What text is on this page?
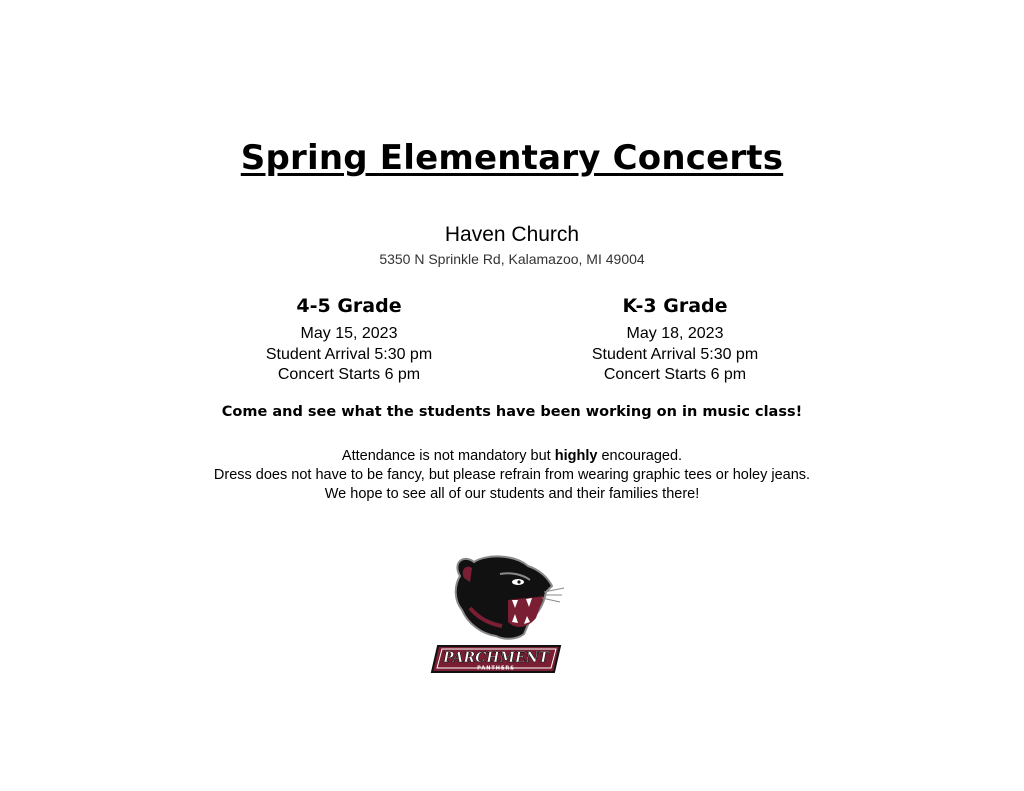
Spring Elementary Concerts
Haven Church
5350 N Sprinkle Rd, Kalamazoo, MI 49004
4-5 Grade
May 15, 2023
Student Arrival 5:30 pm
Concert Starts 6 pm
K-3 Grade
May 18, 2023
Student Arrival 5:30 pm
Concert Starts 6 pm
Come and see what the students have been working on in music class!
Attendance is not mandatory but highly encouraged.
Dress does not have to be fancy, but please refrain from wearing graphic tees or holey jeans.
We hope to see all of our students and their families there!
PARCHMENT
PANTHERS
